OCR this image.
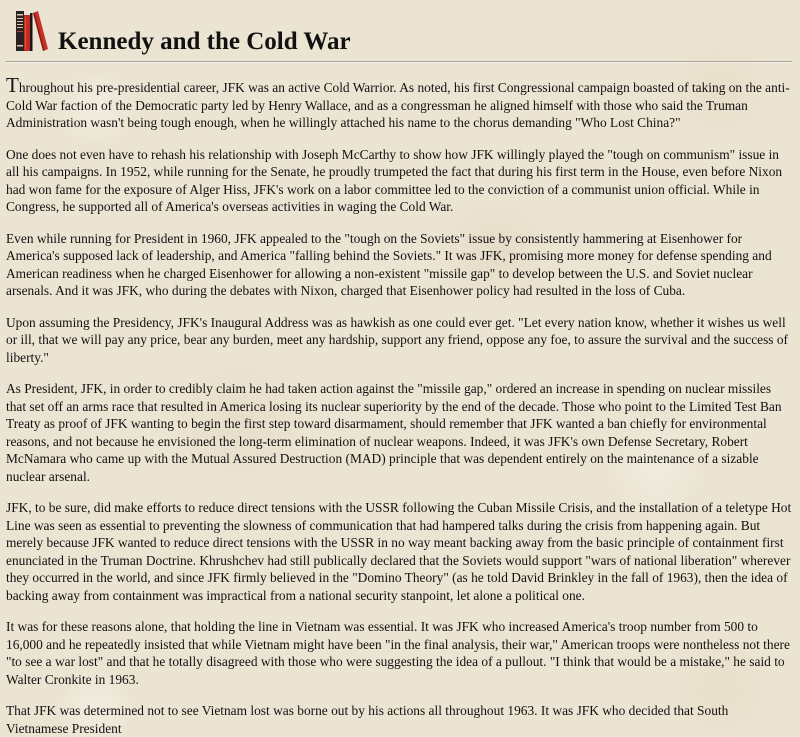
Kennedy and the Cold War

Throughout his pre-presidential career, JFK was an active Cold Warrior. As noted, his first Congressional campaign boasted of taking on the anti-Cold War faction of the Democratic party led by Henry Wallace, and as a congressman he aligned himself with those who said the Truman Administration wasn't being tough enough, when he willingly attached his name to the chorus demanding "Who Lost China?"

One does not even have to rehash his relationship with Joseph McCarthy to show how JFK willingly played the "tough on communism" issue in all his campaigns. In 1952, while running for the Senate, he proudly trumpeted the fact that during his first term in the House, even before Nixon had won fame for the exposure of Alger Hiss, JFK's work on a labor committee led to the conviction of a communist union official. While in Congress, he supported all of America's overseas activities in waging the Cold War.

Even while running for President in 1960, JFK appealed to the "tough on the Soviets" issue by consistently hammering at Eisenhower for America's supposed lack of leadership, and America "falling behind the Soviets." It was JFK, promising more money for defense spending and American readiness when he charged Eisenhower for allowing a non-existent "missile gap" to develop between the U.S. and Soviet nuclear arsenals. And it was JFK, who during the debates with Nixon, charged that Eisenhower policy had resulted in the loss of Cuba.

Upon assuming the Presidency, JFK's Inaugural Address was as hawkish as one could ever get. "Let every nation know, whether it wishes us well or ill, that we will pay any price, bear any burden, meet any hardship, support any friend, oppose any foe, to assure the survival and the success of liberty."

As President, JFK, in order to credibly claim he had taken action against the "missile gap," ordered an increase in spending on nuclear missiles that set off an arms race that resulted in America losing its nuclear superiority by the end of the decade. Those who point to the Limited Test Ban Treaty as proof of JFK wanting to begin the first step toward disarmament, should remember that JFK wanted a ban chiefly for environmental reasons, and not because he envisioned the long-term elimination of nuclear weapons. Indeed, it was JFK's own Defense Secretary, Robert McNamara who came up with the Mutual Assured Destruction (MAD) principle that was dependent entirely on the maintenance of a sizable nuclear arsenal.

JFK, to be sure, did make efforts to reduce direct tensions with the USSR following the Cuban Missile Crisis, and the installation of a teletype Hot Line was seen as essential to preventing the slowness of communication that had hampered talks during the crisis from happening again. But merely because JFK wanted to reduce direct tensions with the USSR in no way meant backing away from the basic principle of containment first enunciated in the Truman Doctrine. Khrushchev had still publically declared that the Soviets would support "wars of national liberation" wherever they occurred in the world, and since JFK firmly believed in the "Domino Theory" (as he told David Brinkley in the fall of 1963), then the idea of backing away from containment was impractical from a national security stanpoint, let alone a political one.

It was for these reasons alone, that holding the line in Vietnam was essential. It was JFK who increased America's troop number from 500 to 16,000 and he repeatedly insisted that while Vietnam might have been "in the final analysis, their war," American troops were nontheless not there "to see a war lost" and that he totally disagreed with those who were suggesting the idea of a pullout. "I think that would be a mistake," he said to Walter Cronkite in 1963.

That JFK was determined not to see Vietnam lost was borne out by his actions all throughout 1963. It was JFK who decided that South Vietnamese President
